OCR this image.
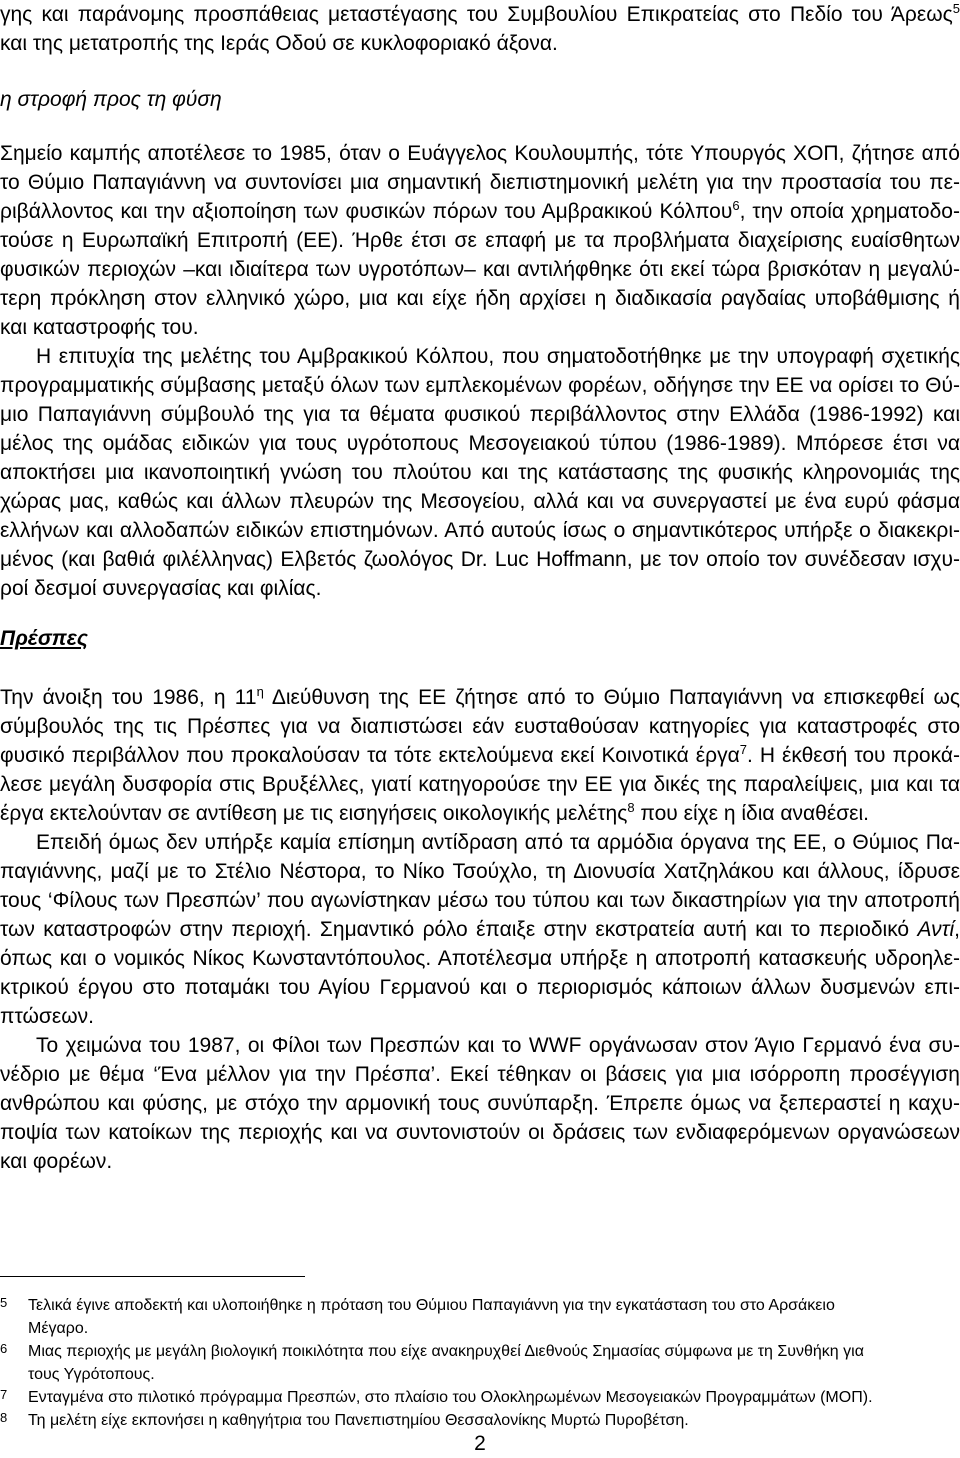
γης και παράνομης προσπάθειας μεταστέγασης του Συμβουλίου Επικρατείας στο Πεδίο του Άρεως$^5$
και της μετατροπής της Ιεράς Οδού σε κυκλοφοριακό άξονα.
η στροφή προς τη φύση
Σημείο καμπής αποτέλεσε το 1985, όταν ο Ευάγγελος Κουλουμπής, τότε Υπουργός ΧΟΠ, ζήτησε από
το Θύμιο Παπαγιάννη να συντονίσει μια σημαντική διεπιστημονική μελέτη για την προστασία του πε-
ριβάλλοντος και την αξιοποίηση των φυσικών πόρων του Αμβρακικού Κόλπου$^6$, την οποία χρηματοδο-
τούσε η Ευρωπαϊκή Επιτροπή (ΕΕ). Ήρθε έτσι σε επαφή με τα προβλήματα διαχείρισης ευαίσθητων
φυσικών περιοχών –και ιδιαίτερα των υγροτόπων– και αντιλήφθηκε ότι εκεί τώρα βρισκόταν η μεγαλύ-
τερη πρόκληση στον ελληνικό χώρο, μια και είχε ήδη αρχίσει η διαδικασία ραγδαίας υποβάθμισης ή
και καταστροφής του.
Η επιτυχία της μελέτης του Αμβρακικού Κόλπου, που σηματοδοτήθηκε με την υπογραφή σχετικής
προγραμματικής σύμβασης μεταξύ όλων των εμπλεκομένων φορέων, οδήγησε την ΕΕ να ορίσει το Θύ-
μιο Παπαγιάννη σύμβουλό της για τα θέματα φυσικού περιβάλλοντος στην Ελλάδα (1986-1992) και
μέλος της ομάδας ειδικών για τους υγρότοπους Μεσογειακού τύπου (1986-1989). Μπόρεσε έτσι να
αποκτήσει μια ικανοποιητική γνώση του πλούτου και της κατάστασης της φυσικής κληρονομιάς της
χώρας μας, καθώς και άλλων πλευρών της Μεσογείου, αλλά και να συνεργαστεί με ένα ευρύ φάσμα
ελλήνων και αλλοδαπών ειδικών επιστημόνων. Από αυτούς ίσως ο σημαντικότερος υπήρξε ο διακεκρι-
μένος (και βαθιά φιλέλληνας) Ελβετός ζωολόγος Dr. Luc Hoffmann, με τον οποίο τον συνέδεσαν ισχυ-
ροί δεσμοί συνεργασίας και φιλίας.
Πρέσπες
Την άνοιξη του 1986, η $11^\eta$ Διεύθυνση της ΕΕ ζήτησε από το Θύμιο Παπαγιάννη να επισκεφθεί ως
σύμβουλός της τις Πρέσπες για να διαπιστώσει εάν ευσταθούσαν κατηγορίες για καταστροφές στο
φυσικό περιβάλλον που προκαλούσαν τα τότε εκτελούμενα εκεί Κοινοτικά έργα$^7$. Η έκθεσή του προκά-
λεσε μεγάλη δυσφορία στις Βρυξέλλες, γιατί κατηγορούσε την ΕΕ για δικές της παραλείψεις, μια και τα
έργα εκτελούνταν σε αντίθεση με τις εισηγήσεις οικολογικής μελέτης$^8$ που είχε η ίδια αναθέσει.
Επειδή όμως δεν υπήρξε καμία επίσημη αντίδραση από τα αρμόδια όργανα της ΕΕ, ο Θύμιος Πα-
παγιάννης, μαζί με το Στέλιο Νέστορα, το Νίκο Τσούχλο, τη Διονυσία Χατζηλάκου και άλλους, ίδρυσε
τους ‘Φίλους των Πρεσπών’ που αγωνίστηκαν μέσω του τύπου και των δικαστηρίων για την αποτροπή
των καταστροφών στην περιοχή. Σημαντικό ρόλο έπαιξε στην εκστρατεία αυτή και το περιοδικό Αντί,
όπως και ο νομικός Νίκος Κωνσταντόπουλος. Αποτέλεσμα υπήρξε η αποτροπή κατασκευής υδροηλε-
κτρικού έργου στο ποταμάκι του Αγίου Γερμανού και ο περιορισμός κάποιων άλλων δυσμενών επι-
πτώσεων.
Το χειμώνα του 1987, οι Φίλοι των Πρεσπών και το WWF οργάνωσαν στον Άγιο Γερμανό ένα συ-
νέδριο με θέμα ‘Ένα μέλλον για την Πρέσπα’. Εκεί τέθηκαν οι βάσεις για μια ισόρροπη προσέγγιση
ανθρώπου και φύσης, με στόχο την αρμονική τους συνύπαρξη. Έπρεπε όμως να ξεπεραστεί η καχυ-
ποψία των κατοίκων της περιοχής και να συντονιστούν οι δράσεις των ενδιαφερόμενων οργανώσεων
και φορέων.
5 Τελικά έγινε αποδεκτή και υλοποιήθηκε η πρόταση του Θύμιου Παπαγιάννη για την εγκατάσταση του στο Αρσάκειο
Μέγαρο.
6 Μιας περιοχής με μεγάλη βιολογική ποικιλότητα που είχε ανακηρυχθεί Διεθνούς Σημασίας σύμφωνα με τη Συνθήκη για
τους Υγρότοπους.
7 Ενταγμένα στο πιλοτικό πρόγραμμα Πρεσπών, στο πλαίσιο του Ολοκληρωμένων Μεσογειακών Προγραμμάτων (ΜΟΠ).
8 Τη μελέτη είχε εκπονήσει η καθηγήτρια του Πανεπιστημίου Θεσσαλονίκης Μυρτώ Πυροβέτση.
2
